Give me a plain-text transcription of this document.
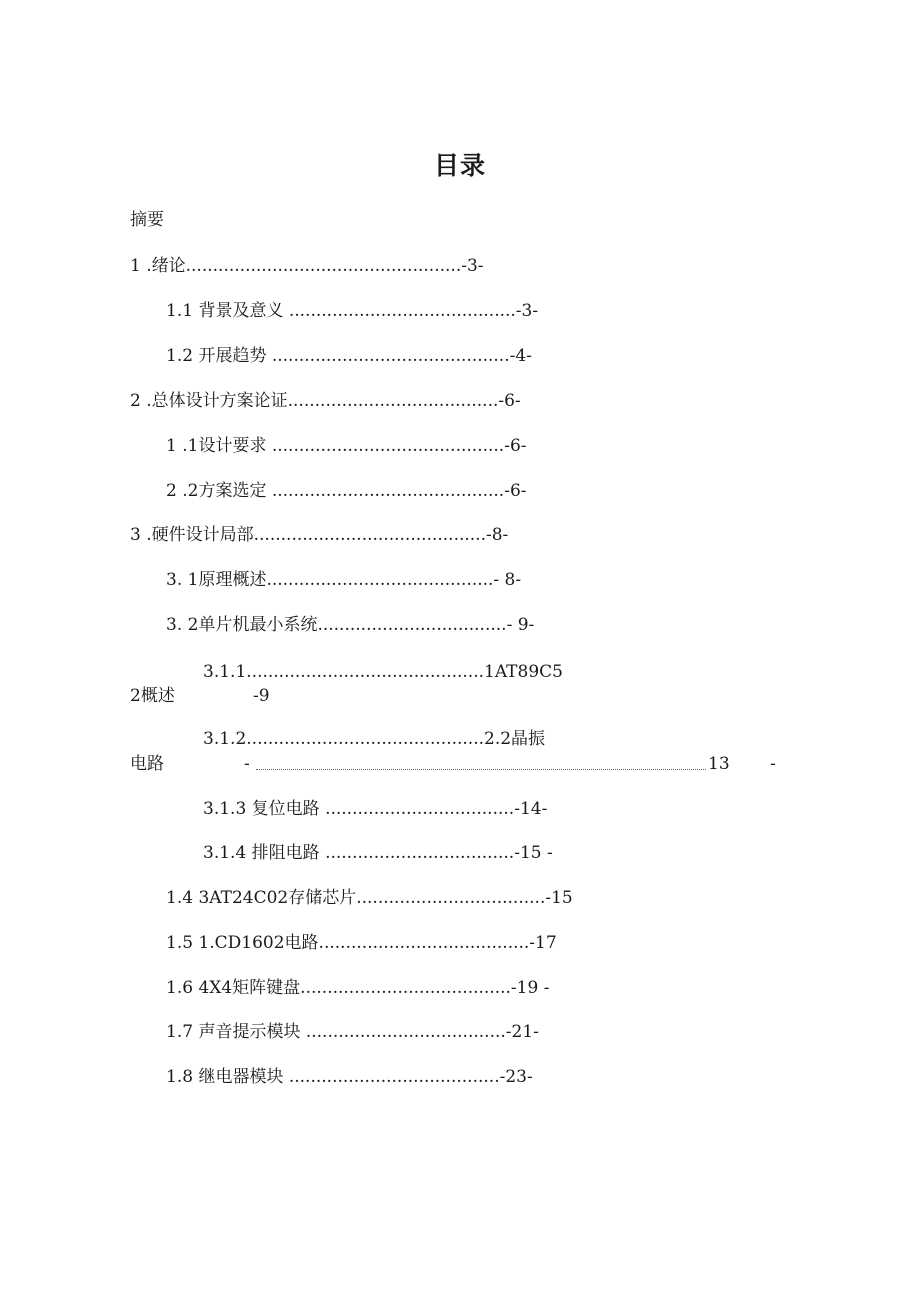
目录
摘要
1 .绪论...................................................-3-
1.1 背景及意义 ..........................................-3-
1.2 开展趋势 ............................................-4-
2 .总体设计方案论证.......................................-6-
1 .1设计要求 ...........................................-6-
2 .2方案选定 ...........................................-6-
3 .硬件设计局部...........................................-8-
3. 1原理概述..........................................- 8-
3. 2单片机最小系统...................................- 9-
3.1.1............................................1AT89C5
2概述	-9
3.1.2............................................2.2晶振
电路	-	13 -
3.1.3 复位电路 ...................................-14-
3.1.4 排阻电路 ...................................-15 -
1.4 3AT24C02存储芯片...................................-15
1.5 1.CD1602电路.......................................-17
1.6 4X4矩阵键盘.......................................-19 -
1.7 声音提示模块 .....................................-21-
1.8 继电器模块 .......................................-23-
